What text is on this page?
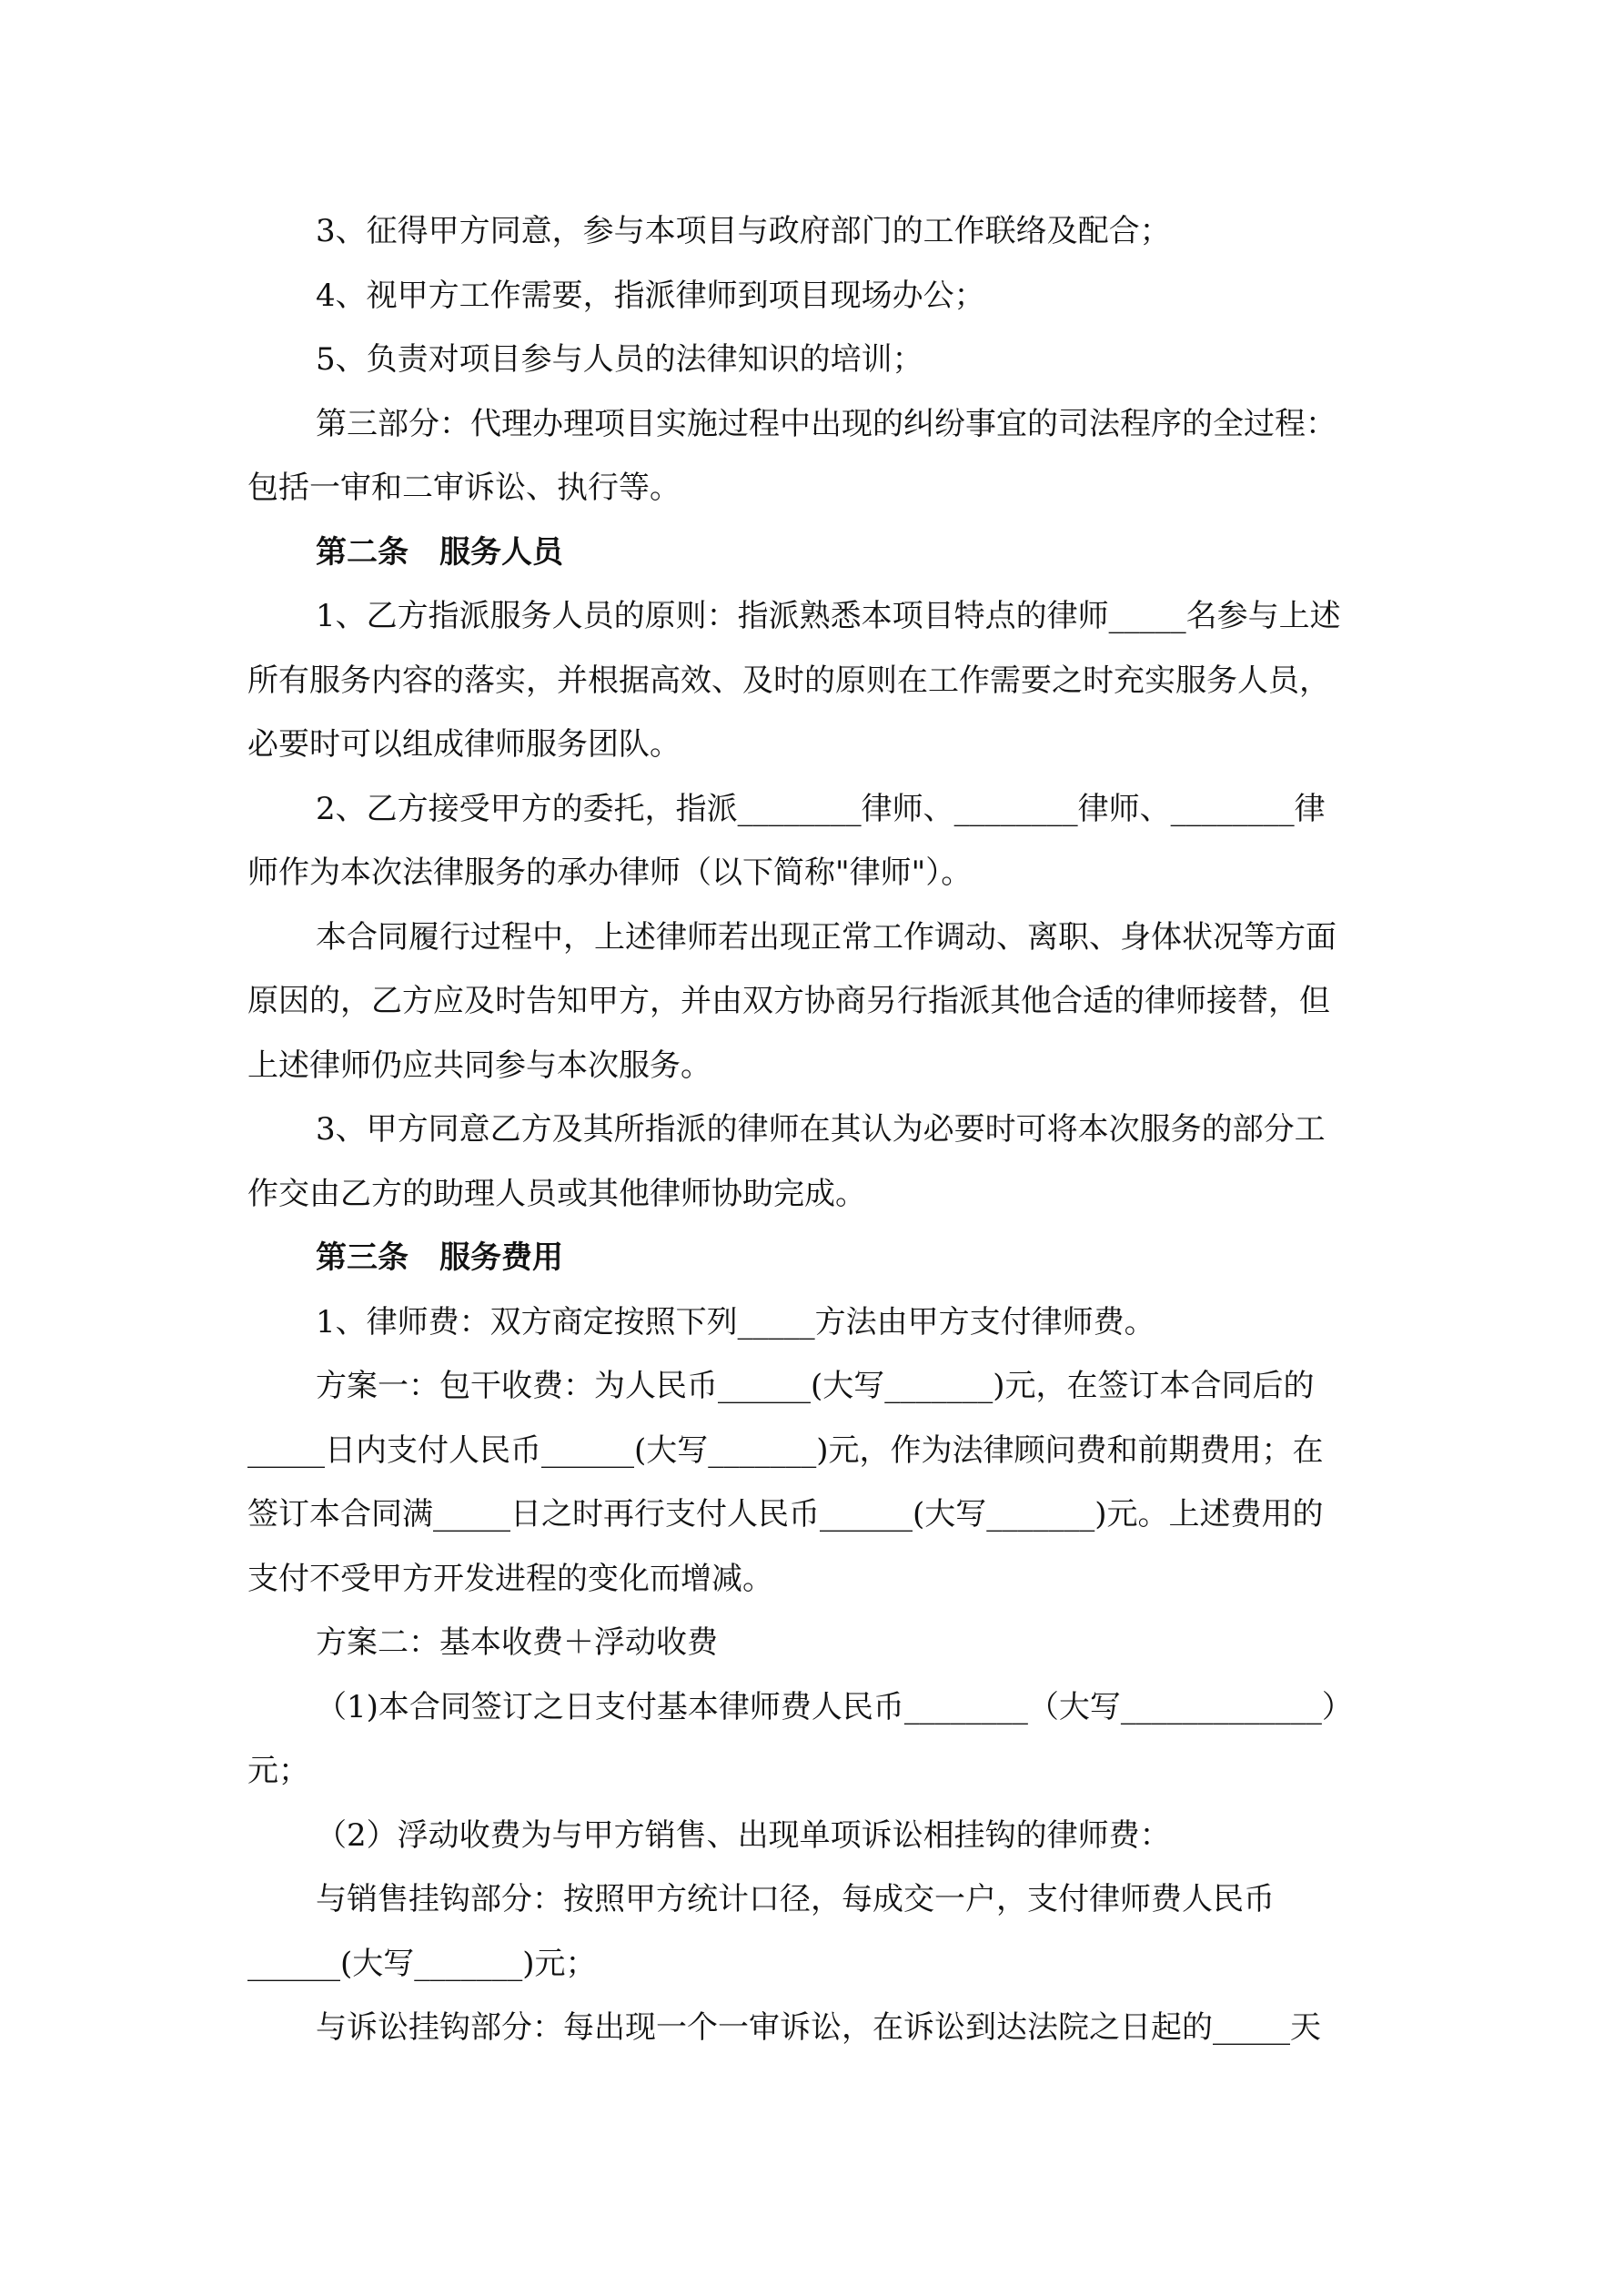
3、征得甲方同意，参与本项目与政府部门的工作联络及配合；
4、视甲方工作需要，指派律师到项目现场办公；
5、负责对项目参与人员的法律知识的培训；
第三部分：代理办理项目实施过程中出现的纠纷事宜的司法程序的全过程：
包括一审和二审诉讼、执行等。
第二条　服务人员
1、乙方指派服务人员的原则：指派熟悉本项目特点的律师_____名参与上述
所有服务内容的落实，并根据高效、及时的原则在工作需要之时充实服务人员，
必要时可以组成律师服务团队。
2、乙方接受甲方的委托，指派________律师、________律师、________律
师作为本次法律服务的承办律师（以下简称"律师"）。
本合同履行过程中，上述律师若出现正常工作调动、离职、身体状况等方面
原因的，乙方应及时告知甲方，并由双方协商另行指派其他合适的律师接替，但
上述律师仍应共同参与本次服务。
3、甲方同意乙方及其所指派的律师在其认为必要时可将本次服务的部分工
作交由乙方的助理人员或其他律师协助完成。
第三条　服务费用
1、律师费：双方商定按照下列_____方法由甲方支付律师费。
方案一：包干收费：为人民币______(大写_______)元，在签订本合同后的
_____日内支付人民币______(大写_______)元，作为法律顾问费和前期费用；在
签订本合同满_____日之时再行支付人民币______(大写_______)元。上述费用的
支付不受甲方开发进程的变化而增减。
方案二：基本收费＋浮动收费
（1)本合同签订之日支付基本律师费人民币________（大写_____________）
元；
（2）浮动收费为与甲方销售、出现单项诉讼相挂钩的律师费：
与销售挂钩部分：按照甲方统计口径，每成交一户，支付律师费人民币
______(大写_______)元；
与诉讼挂钩部分：每出现一个一审诉讼，在诉讼到达法院之日起的_____天
